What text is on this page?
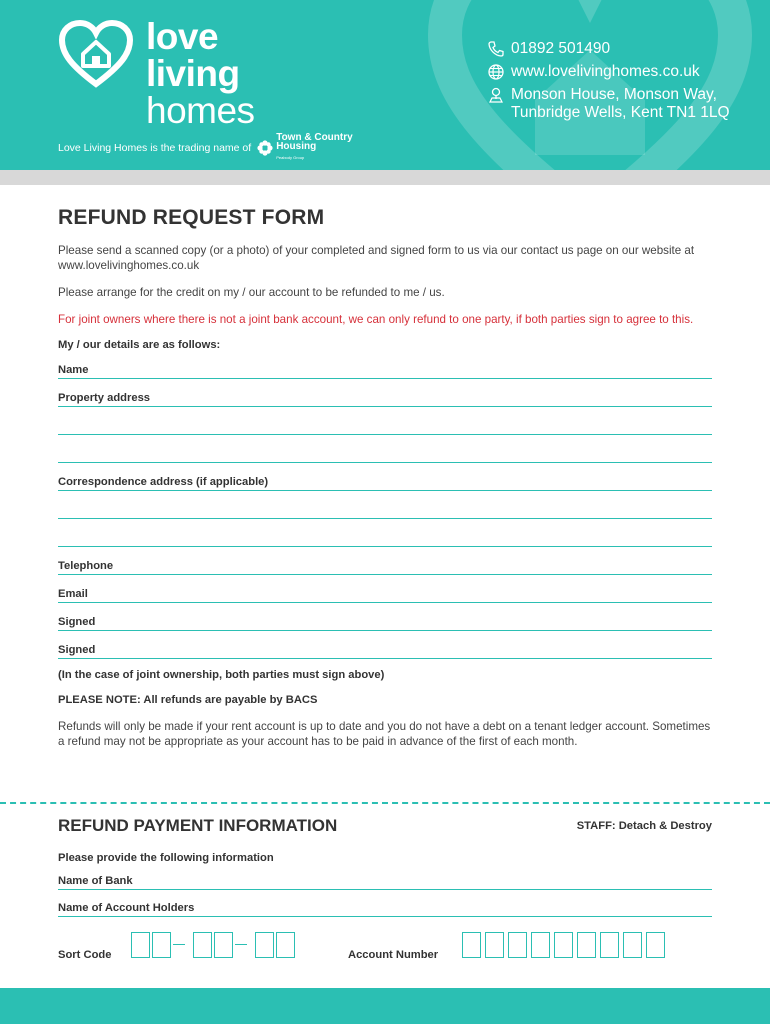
love
living
homes
Love Living Homes is the trading name of
Town & Country
Housing
Peabody Group
01892 501490
www.lovelivinghomes.co.uk
Monson House, Monson Way,
Tunbridge Wells, Kent TN1 1LQ
REFUND REQUEST FORM

Please send a scanned copy (or a photo) of your completed and signed form to us via our contact us page on our website at www.lovelivinghomes.co.uk

Please arrange for the credit on my / our account to be refunded to me / us.

For joint owners where there is not a joint bank account, we can only refund to one party, if both parties sign to agree to this.

My / our details are as follows:
Name
Property address
Correspondence address (if applicable)
Telephone
Email
Signed
Signed
(In the case of joint ownership, both parties must sign above)
PLEASE NOTE: All refunds are payable by BACS

Refunds will only be made if your rent account is up to date and you do not have a debt on a tenant ledger account. Sometimes a refund may not be appropriate as your account has to be paid in advance of the first of each month.

REFUND PAYMENT INFORMATION	STAFF: Detach & Destroy
Please provide the following information
Name of Bank
Name of Account Holders
Sort Code	Account Number
